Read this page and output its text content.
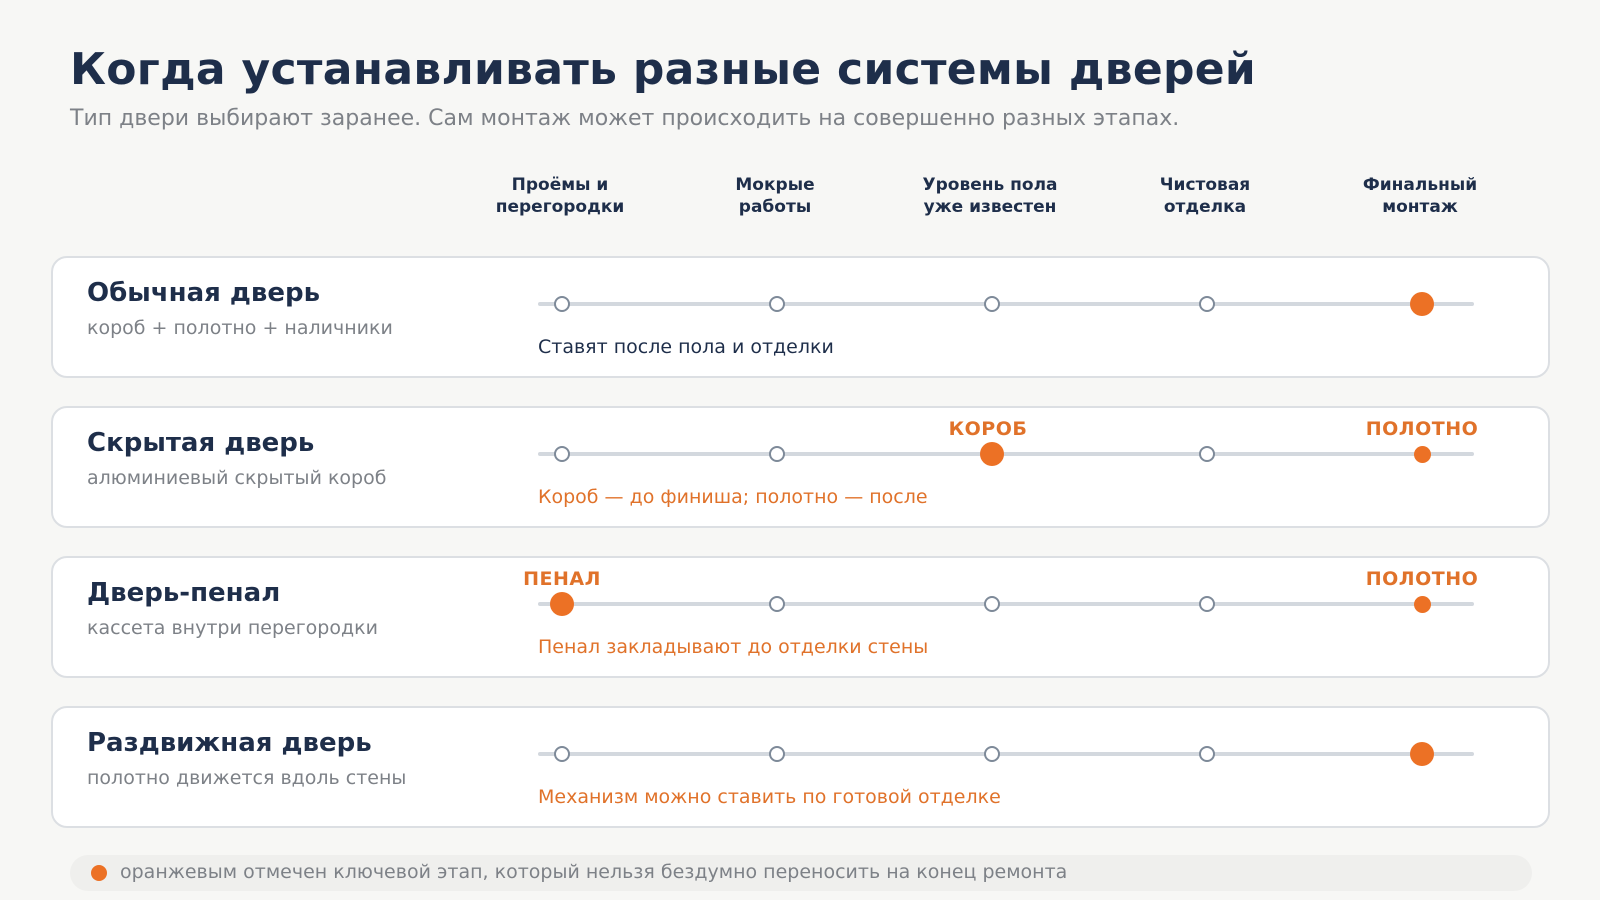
Когда устанавливать разные системы дверей
Тип двери выбирают заранее. Сам монтаж может происходить на совершенно разных этапах.
Проёмы и
перегородки
Мокрые
работы
Уровень пола
уже известен
Чистовая
отделка
Финальный
монтаж
Обычная дверь
короб + полотно + наличники
Ставят после пола и отделки
Скрытая дверь
алюминиевый скрытый короб
КОРОБ	ПОЛОТНО
Короб — до финиша; полотно — после
Дверь-пенал
кассета внутри перегородки
ПЕНАЛ	ПОЛОТНО
Пенал закладывают до отделки стены
Раздвижная дверь
полотно движется вдоль стены
Механизм можно ставить по готовой отделке
оранжевым отмечен ключевой этап, который нельзя бездумно переносить на конец ремонта
